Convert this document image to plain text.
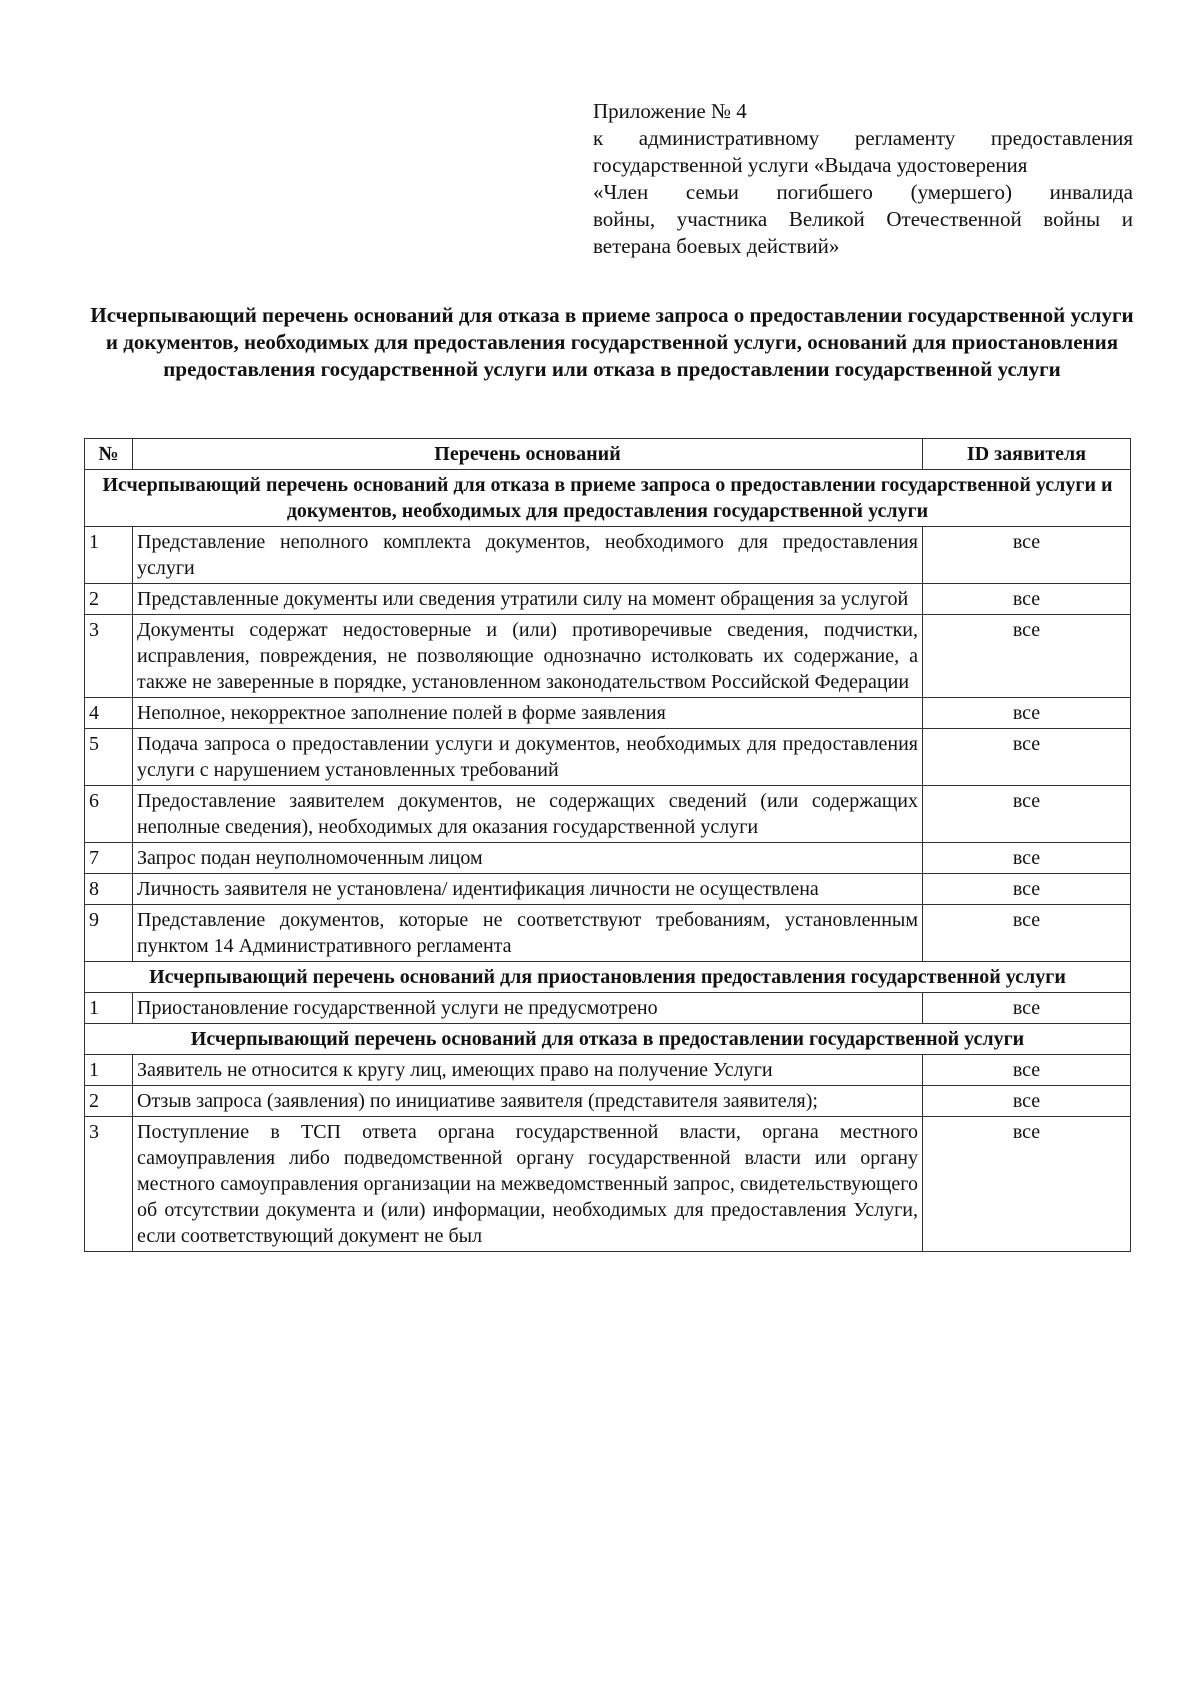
Приложение № 4
к административному регламенту предоставления
государственной услуги «Выдача удостоверения
«Член семьи погибшего (умершего) инвалида
войны, участника Великой Отечественной войны и
ветерана боевых действий»
Исчерпывающий перечень оснований для отказа в приеме запроса о предоставлении государственной услуги и документов, необходимых для предоставления государственной услуги, оснований для приостановления предоставления государственной услуги или отказа в предоставлении государственной услуги
№	Перечень оснований	ID заявителя

Исчерпывающий перечень оснований для отказа в приеме запроса о предоставлении государственной услуги и документов, необходимых для предоставления государственной услуги		

1	Представление неполного комплекта документов, необходимого для предоставления услуги	все
2	Представленные документы или сведения утратили силу на момент обращения за услугой	все
3	Документы содержат недостоверные и (или) противоречивые сведения, подчистки, исправления, повреждения, не позволяющие однозначно истолковать их содержание, а также не заверенные в порядке, установленном законодательством Российской Федерации	все
4	Неполное, некорректное заполнение полей в форме заявления	все
5	Подача запроса о предоставлении услуги и документов, необходимых для предоставления услуги с нарушением установленных требований	все
6	Предоставление заявителем документов, не содержащих сведений (или содержащих неполные сведения), необходимых для оказания государственной услуги	все
7	Запрос подан неуполномоченным лицом	все
8	Личность заявителя не установлена/ идентификация личности не осуществлена	все
9	Представление документов, которые не соответствуют требованиям, установленным пунктом 14 Административного регламента	все

Исчерпывающий перечень оснований для приостановления предоставления государственной услуги		

1	Приостановление государственной услуги не предусмотрено	все

Исчерпывающий перечень оснований для отказа в предоставлении государственной услуги		

1	Заявитель не относится к кругу лиц, имеющих право на получение Услуги	все
2	Отзыв запроса (заявления) по инициативе заявителя (представителя заявителя);	все
3	Поступление в ТСП ответа органа государственной власти, органа местного самоуправления либо подведомственной органу государственной власти или органу местного самоуправления организации на межведомственный запрос, свидетельствующего об отсутствии документа и (или) информации, необходимых для предоставления Услуги, если соответствующий документ не был	все
